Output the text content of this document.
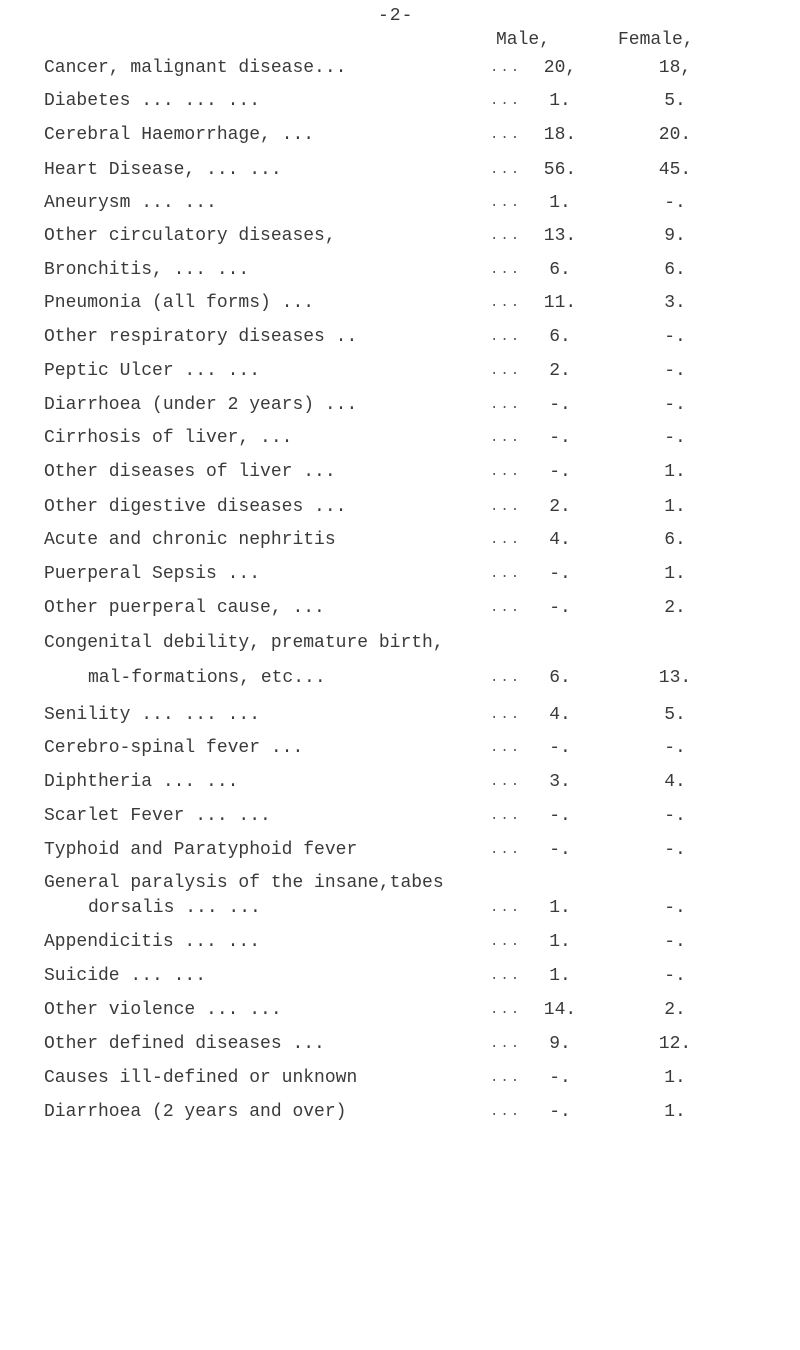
-2-
Male,	Female,
Cancer, malignant disease...	...	20,	18,
Diabetes ... ... ...	...	1.	5.
Cerebral Haemorrhage, ...	...	18.	20.
Heart Disease, ... ...	...	56.	45.
Aneurysm ... ...	...	1.	-.
Other circulatory diseases,	...	13.	9.
Bronchitis, ... ...	...	6.	6.
Pneumonia (all forms) ...	...	11.	3.
Other respiratory diseases ..	...	6.	-.
Peptic Ulcer ... ...	...	2.	-.
Diarrhoea (under 2 years) ...	...	-.	-.
Cirrhosis of liver, ...	...	-.	-.
Other diseases of liver ...	...	-.	1.
Other digestive diseases ...	...	2.	1.
Acute and chronic nephritis	...	4.	6.
Puerperal Sepsis ...	...	-.	1.
Other puerperal cause, ...	...	-.	2.
Congenital debility, premature birth,
mal-formations, etc...	...	6.	13.
Senility ... ... ...	...	4.	5.
Cerebro-spinal fever ...	...	-.	-.
Diphtheria ... ...	...	3.	4.
Scarlet Fever ... ...	...	-.	-.
Typhoid and Paratyphoid fever	...	-.	-.
General paralysis of the insane,tabes
dorsalis ... ...	...	1.	-.
Appendicitis ... ...	...	1.	-.
Suicide ... ...	...	1.	-.
Other violence ... ...	...	14.	2.
Other defined diseases ...	...	9.	12.
Causes ill-defined or unknown	...	-.	1.
Diarrhoea (2 years and over)	...	-.	1.
